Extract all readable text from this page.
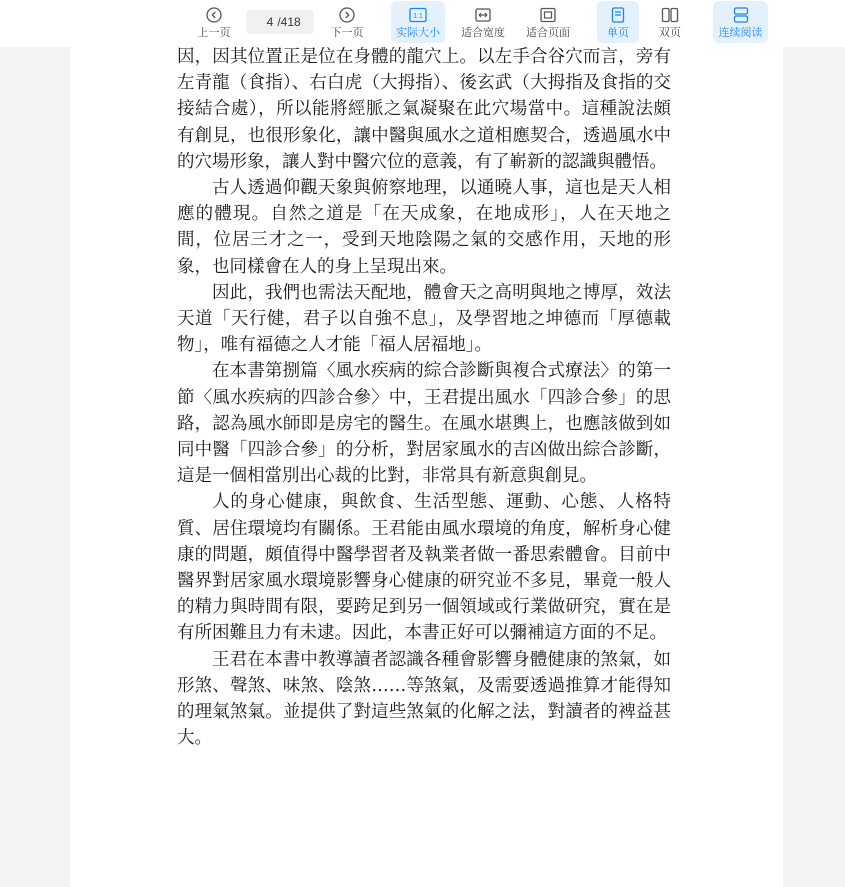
上一页
4
/ 418
下一页
1:1
实际大小 适合宽度 适合页面	单页	双页	连续阅读

因，因其位置正是位在身體的龍穴上。以左手合谷穴而言，旁有左青龍（食指）、右白虎（大拇指）、後玄武（大拇指及食指的交接結合處），所以能將經脈之氣凝聚在此穴場當中。這種說法頗有創見，也很形象化，讓中醫與風水之道相應契合，透過風水中的穴場形象，讓人對中醫穴位的意義，有了嶄新的認識與體悟。

古人透過仰觀天象與俯察地理，以通曉人事，這也是天人相應的體現。自然之道是「在天成象，在地成形」，人在天地之間，位居三才之一，受到天地陰陽之氣的交感作用，天地的形象，也同樣會在人的身上呈現出來。

因此，我們也需法天配地，體會天之高明與地之博厚，效法天道「天行健，君子以自強不息」，及學習地之坤德而「厚德載物」，唯有福德之人才能「福人居福地」。

在本書第捌篇〈風水疾病的綜合診斷與複合式療法〉的第一節〈風水疾病的四診合參〉中，王君提出風水「四診合參」的思路，認為風水師即是房宅的醫生。在風水堪輿上，也應該做到如同中醫「四診合參」的分析，對居家風水的吉凶做出綜合診斷，這是一個相當別出心裁的比對，非常具有新意與創見。

人的身心健康，與飲食、生活型態、運動、心態、人格特質、居住環境均有關係。王君能由風水環境的角度，解析身心健康的問題，頗值得中醫學習者及執業者做一番思索體會。目前中醫界對居家風水環境影響身心健康的研究並不多見，畢竟一般人的精力與時間有限，要跨足到另一個領域或行業做研究，實在是有所困難且力有未逮。因此，本書正好可以彌補這方面的不足。

王君在本書中教導讀者認識各種會影響身體健康的煞氣，如形煞、聲煞、味煞、陰煞……等煞氣，及需要透過推算才能得知的理氣煞氣。並提供了對這些煞氣的化解之法，對讀者的裨益甚大。
